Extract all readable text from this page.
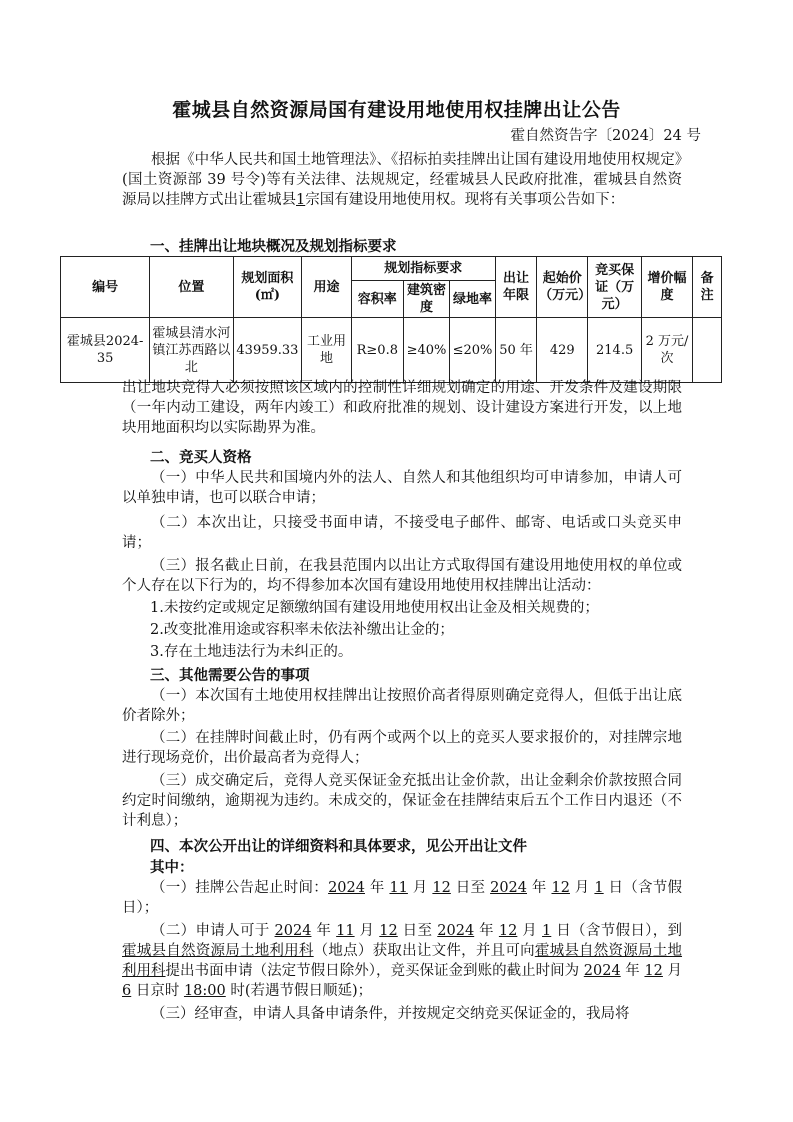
霍城县自然资源局国有建设用地使用权挂牌出让公告
霍自然资告字〔2024〕24 号

根据《中华人民共和国土地管理法》、《招标拍卖挂牌出让国有建设用地使用权规定》(国土资源部 39 号令)等有关法律、法规规定，经霍城县人民政府批准，霍城县自然资源局以挂牌方式出让霍城县1宗国有建设用地使用权。现将有关事项公告如下：

一、挂牌出让地块概况及规划指标要求
编号	位置	规划面积(㎡)	用途	规划指标要求			出让年限	起始价（万元）	竞买保证（万元）	增价幅度	备注
				容积率	建筑密度	绿地率					
霍城县2024-35	霍城县清水河镇江苏西路以北	43959.33	工业用地	R≥0.8	≥40%	≤20%	50 年	429	214.5	2 万元/次	

出让地块竞得人必须按照该区域内的控制性详细规划确定的用途、开发条件及建设期限（一年内动工建设，两年内竣工）和政府批准的规划、设计建设方案进行开发，以上地块用地面积均以实际勘界为准。

二、竞买人资格

（一）中华人民共和国境内外的法人、自然人和其他组织均可申请参加，申请人可以单独申请，也可以联合申请；

（二）本次出让，只接受书面申请，不接受电子邮件、邮寄、电话或口头竞买申请；

（三）报名截止日前，在我县范围内以出让方式取得国有建设用地使用权的单位或个人存在以下行为的，均不得参加本次国有建设用地使用权挂牌出让活动：

1.未按约定或规定足额缴纳国有建设用地使用权出让金及相关规费的；

2.改变批准用途或容积率未依法补缴出让金的；

3.存在土地违法行为未纠正的。

三、其他需要公告的事项

（一）本次国有土地使用权挂牌出让按照价高者得原则确定竞得人，但低于出让底价者除外；

（二）在挂牌时间截止时，仍有两个或两个以上的竞买人要求报价的，对挂牌宗地进行现场竞价，出价最高者为竞得人；

（三）成交确定后，竞得人竞买保证金充抵出让金价款，出让金剩余价款按照合同约定时间缴纳，逾期视为违约。未成交的，保证金在挂牌结束后五个工作日内退还（不计利息）；

四、本次公开出让的详细资料和具体要求，见公开出让文件
其中：

（一）挂牌公告起止时间：2024 年 11 月 12 日至 2024 年 12 月 1 日（含节假日）；

（二）申请人可于 2024 年 11 月 12 日至 2024 年 12 月 1 日（含节假日），到霍城县自然资源局土地利用科（地点）获取出让文件，并且可向霍城县自然资源局土地利用科提出书面申请（法定节假日除外），竞买保证金到账的截止时间为 2024 年 12 月 6 日京时 18:00 时(若遇节假日顺延)；

（三）经审查，申请人具备申请条件，并按规定交纳竞买保证金的，我局将
